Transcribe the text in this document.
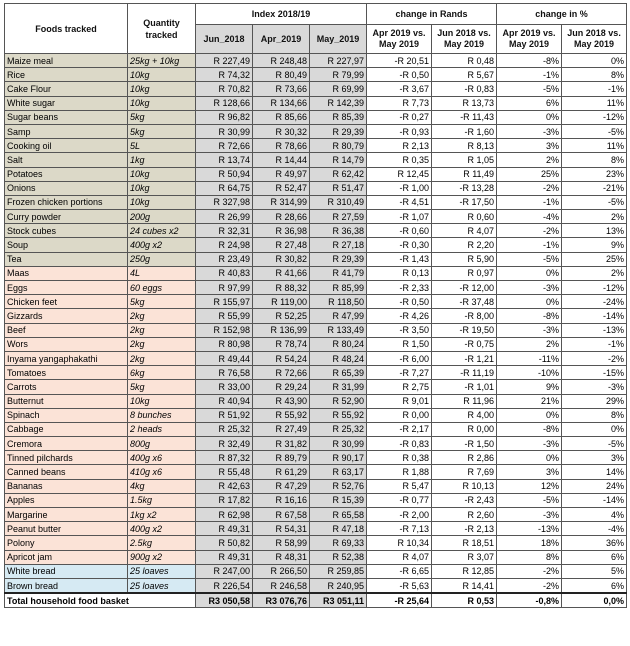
Foods tracked	Quantity tracked	Index 2018/19			change in Rands		change in %	
		Jun_2018	Apr_2019	May_2019	Apr 2019 vs. May 2019	Jun 2018 vs. May 2019	Apr 2019 vs. May 2019	Jun 2018 vs. May 2019
Maize meal	25kg + 10kg	R 227,49	R 248,48	R 227,97	-R 20,51	R 0,48	-8%	0%
Rice	10kg	R 74,32	R 80,49	R 79,99	-R 0,50	R 5,67	-1%	8%
Cake Flour	10kg	R 70,82	R 73,66	R 69,99	-R 3,67	-R 0,83	-5%	-1%
White sugar	10kg	R 128,66	R 134,66	R 142,39	R 7,73	R 13,73	6%	11%
Sugar beans	5kg	R 96,82	R 85,66	R 85,39	-R 0,27	-R 11,43	0%	-12%
Samp	5kg	R 30,99	R 30,32	R 29,39	-R 0,93	-R 1,60	-3%	-5%
Cooking oil	5L	R 72,66	R 78,66	R 80,79	R 2,13	R 8,13	3%	11%
Salt	1kg	R 13,74	R 14,44	R 14,79	R 0,35	R 1,05	2%	8%
Potatoes	10kg	R 50,94	R 49,97	R 62,42	R 12,45	R 11,49	25%	23%
Onions	10kg	R 64,75	R 52,47	R 51,47	-R 1,00	-R 13,28	-2%	-21%
Frozen chicken portions	10kg	R 327,98	R 314,99	R 310,49	-R 4,51	-R 17,50	-1%	-5%
Curry powder	200g	R 26,99	R 28,66	R 27,59	-R 1,07	R 0,60	-4%	2%
Stock cubes	24 cubes x2	R 32,31	R 36,98	R 36,38	-R 0,60	R 4,07	-2%	13%
Soup	400g x2	R 24,98	R 27,48	R 27,18	-R 0,30	R 2,20	-1%	9%
Tea	250g	R 23,49	R 30,82	R 29,39	-R 1,43	R 5,90	-5%	25%
Maas	4L	R 40,83	R 41,66	R 41,79	R 0,13	R 0,97	0%	2%
Eggs	60 eggs	R 97,99	R 88,32	R 85,99	-R 2,33	-R 12,00	-3%	-12%
Chicken feet	5kg	R 155,97	R 119,00	R 118,50	-R 0,50	-R 37,48	0%	-24%
Gizzards	2kg	R 55,99	R 52,25	R 47,99	-R 4,26	-R 8,00	-8%	-14%
Beef	2kg	R 152,98	R 136,99	R 133,49	-R 3,50	-R 19,50	-3%	-13%
Wors	2kg	R 80,98	R 78,74	R 80,24	R 1,50	-R 0,75	2%	-1%
Inyama yangaphakathi	2kg	R 49,44	R 54,24	R 48,24	-R 6,00	-R 1,21	-11%	-2%
Tomatoes	6kg	R 76,58	R 72,66	R 65,39	-R 7,27	-R 11,19	-10%	-15%
Carrots	5kg	R 33,00	R 29,24	R 31,99	R 2,75	-R 1,01	9%	-3%
Butternut	10kg	R 40,94	R 43,90	R 52,90	R 9,01	R 11,96	21%	29%
Spinach	8 bunches	R 51,92	R 55,92	R 55,92	R 0,00	R 4,00	0%	8%
Cabbage	2 heads	R 25,32	R 27,49	R 25,32	-R 2,17	R 0,00	-8%	0%
Cremora	800g	R 32,49	R 31,82	R 30,99	-R 0,83	-R 1,50	-3%	-5%
Tinned pilchards	400g x6	R 87,32	R 89,79	R 90,17	R 0,38	R 2,86	0%	3%
Canned beans	410g x6	R 55,48	R 61,29	R 63,17	R 1,88	R 7,69	3%	14%
Bananas	4kg	R 42,63	R 47,29	R 52,76	R 5,47	R 10,13	12%	24%
Apples	1.5kg	R 17,82	R 16,16	R 15,39	-R 0,77	-R 2,43	-5%	-14%
Margarine	1kg x2	R 62,98	R 67,58	R 65,58	-R 2,00	R 2,60	-3%	4%
Peanut butter	400g x2	R 49,31	R 54,31	R 47,18	-R 7,13	-R 2,13	-13%	-4%
Polony	2.5kg	R 50,82	R 58,99	R 69,33	R 10,34	R 18,51	18%	36%
Apricot jam	900g x2	R 49,31	R 48,31	R 52,38	R 4,07	R 3,07	8%	6%
White bread	25 loaves	R 247,00	R 266,50	R 259,85	-R 6,65	R 12,85	-2%	5%
Brown bread	25 loaves	R 226,54	R 246,58	R 240,95	-R 5,63	R 14,41	-2%	6%
Total household food basket		R3 050,58	R3 076,76	R3 051,11	-R 25,64	R 0,53	-0,8%	0,0%
